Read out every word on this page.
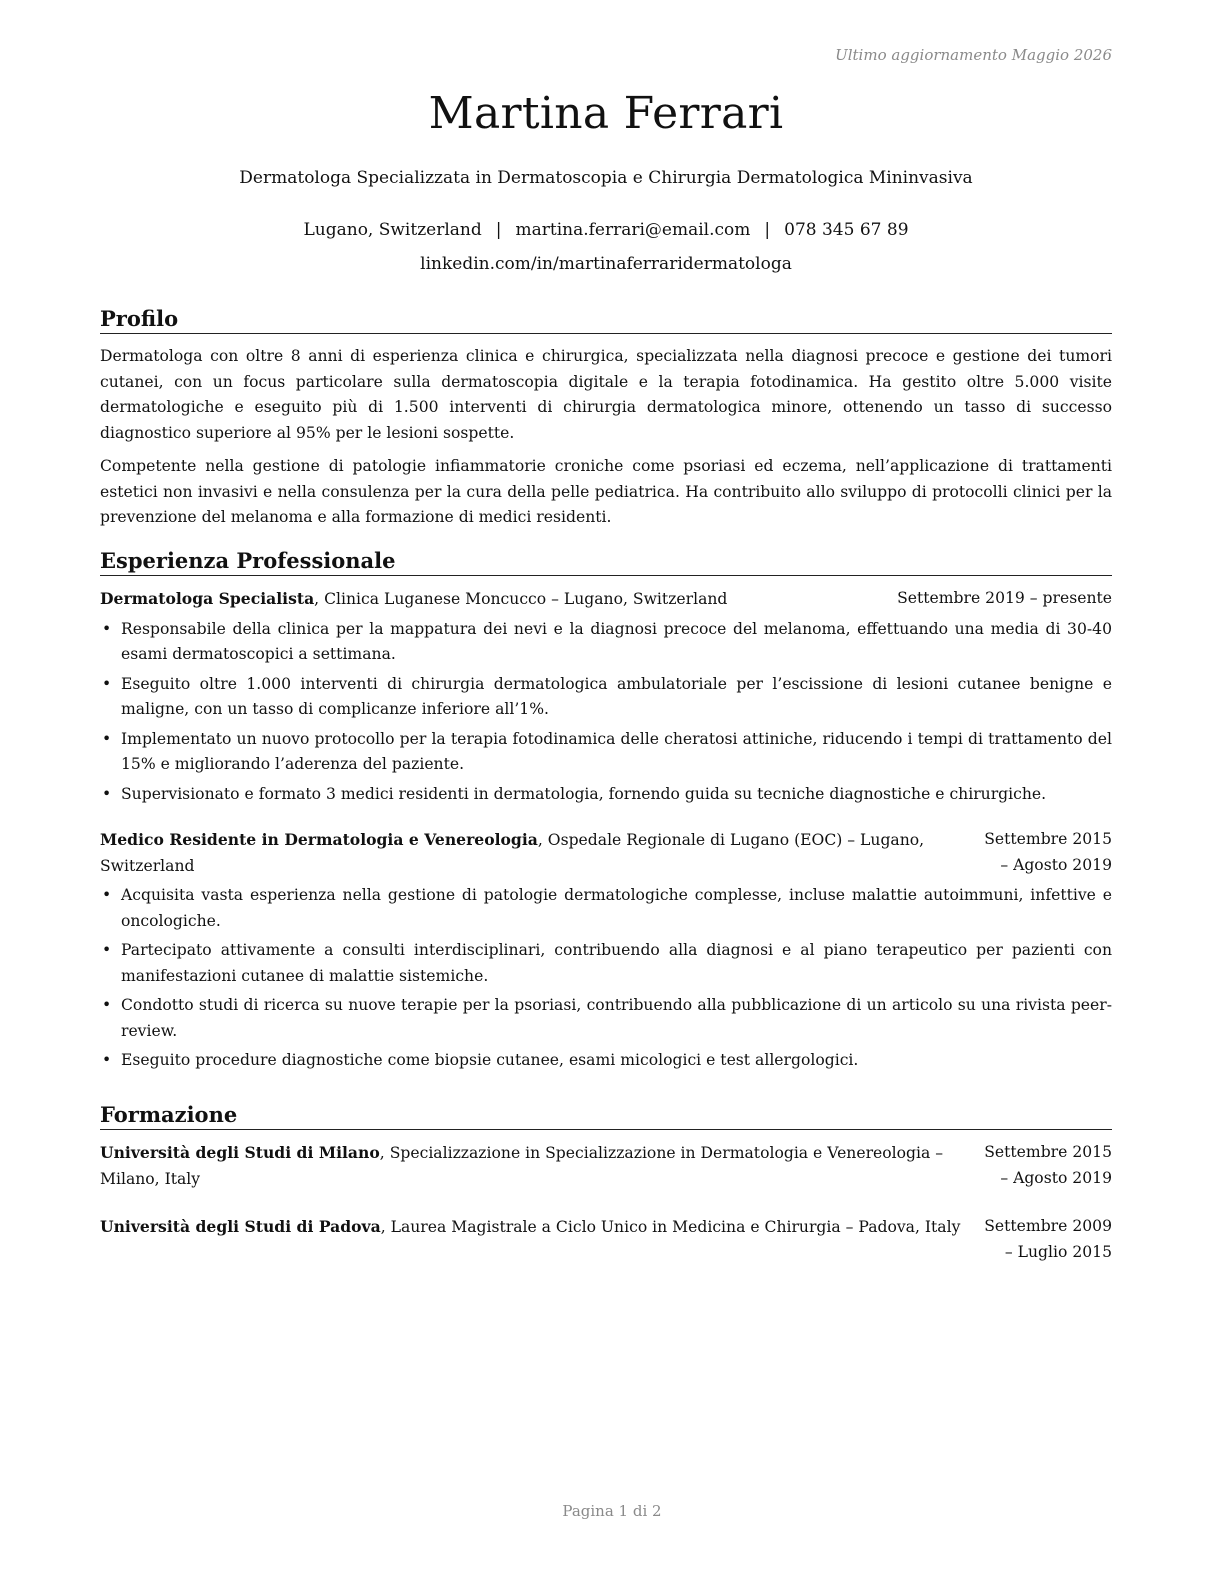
Ultimo aggiornamento Maggio 2026
Martina Ferrari
Dermatologa Specializzata in Dermatoscopia e Chirurgia Dermatologica Mininvasiva
Lugano, Switzerland | martina.ferrari@email.com | 078 345 67 89
linkedin.com/in/martinaferraridermatologa
Profilo

Dermatologa con oltre 8 anni di esperienza clinica e chirurgica, specializzata nella diagnosi precoce e gestione dei tumori cutanei, con un focus particolare sulla dermatoscopia digitale e la terapia fotodinamica. Ha gestito oltre 5.000 visite dermatologiche e eseguito più di 1.500 interventi di chirurgia dermatologica minore, ottenendo un tasso di successo diagnostico superiore al 95% per le lesioni sospette.

Competente nella gestione di patologie infiammatorie croniche come psoriasi ed eczema, nell’applicazione di trattamenti estetici non invasivi e nella consulenza per la cura della pelle pediatrica. Ha contribuito allo sviluppo di protocolli clinici per la prevenzione del melanoma e alla formazione di medici residenti.

Esperienza Professionale
Dermatologa Specialista, Clinica Luganese Moncucco – Lugano, Switzerland	Settembre 2019 – presente
• Responsabile della clinica per la mappatura dei nevi e la diagnosi precoce del melanoma, effettuando una media di 30-40 esami dermatoscopici a settimana.
• Eseguito oltre 1.000 interventi di chirurgia dermatologica ambulatoriale per l’escissione di lesioni cutanee benigne e maligne, con un tasso di complicanze inferiore all’1%.
• Implementato un nuovo protocollo per la terapia fotodinamica delle cheratosi attiniche, riducendo i tempi di trattamento del 15% e migliorando l’aderenza del paziente.
• Supervisionato e formato 3 medici residenti in dermatologia, fornendo guida su tecniche diagnostiche e chirurgiche.
Medico Residente in Dermatologia e Venereologia, Ospedale Regionale di Lugano (EOC) – Lugano, Switzerland
Settembre 2015 – Agosto 2019
• Acquisita vasta esperienza nella gestione di patologie dermatologiche complesse, incluse malattie autoimmuni, infettive e oncologiche.
• Partecipato attivamente a consulti interdisciplinari, contribuendo alla diagnosi e al piano terapeutico per pazienti con manifestazioni cutanee di malattie sistemiche.
• Condotto studi di ricerca su nuove terapie per la psoriasi, contribuendo alla pubblicazione di un articolo su una rivista peer-review.
• Eseguito procedure diagnostiche come biopsie cutanee, esami micologici e test allergologici.
Formazione
Università degli Studi di Milano, Specializzazione in Specializzazione in Dermatologia e Venereologia – Milano, Italy
Settembre 2015 – Agosto 2019
Università degli Studi di Padova, Laurea Magistrale a Ciclo Unico in Medicina e Chirurgia – Padova, Italy	Settembre 2009 – Luglio 2015
Pagina 1 di 2
